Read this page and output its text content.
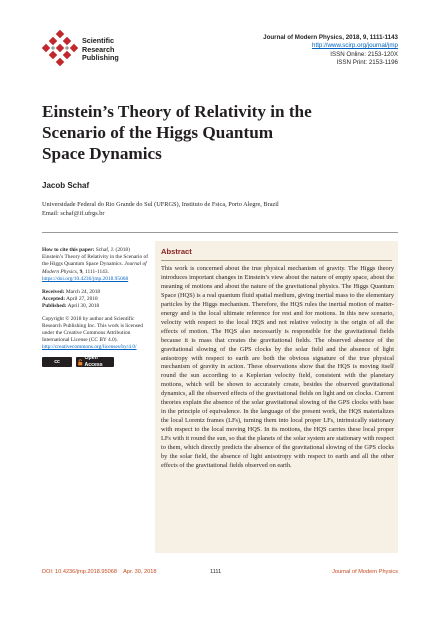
Scientific
Research
Publishing
Journal of Modern Physics, 2018, 9, 1111-1143
http://www.scirp.org/journal/jmp
ISSN Online: 2153-120X
ISSN Print: 2153-1196
Einstein’s Theory of Relativity in the
Scenario of the Higgs Quantum
Space Dynamics
Jacob Schaf
Universidade Federal do Rio Grande do Sul (UFRGS), Instituto de Fsica, Porto Alegre, Brazil
Email: schaf@if.ufrgs.br

How to cite this paper: Schaf, J. (2018) Einstein’s Theory of Relativity in the Scenario of the Higgs Quantum Space Dynamics. Journal of Modern Physics, 9, 1111-1143. https://doi.org/10.4236/jmp.2018.95068

Received: March 24, 2018
Accepted: April 27, 2018
Published: April 30, 2018

Copyright © 2018 by author and Scientific Research Publishing Inc. This work is licensed under the Creative Commons Attribution International License (CC BY 4.0).
http://creativecommons.org/licenses/by/4.0/

cc
Open Access
Abstract
This work is concerned about the true physical mechanism of gravity. The Higgs theory introduces important changes in Einstein’s view about the nature of empty space, about the meaning of motions and about the nature of the gravitational physics. The Higgs Quantum Space (HQS) is a real quantum fluid spatial medium, giving inertial mass to the elementary particles by the Higgs mechanism. Therefore, the HQS rules the inertial motion of matter-energy and is the local ultimate reference for rest and for motions. In this new scenario, velocity with respect to the local HQS and not relative velocity is the origin of all the effects of motion. The HQS also necessarily is responsible for the gravitational fields because it is mass that creates the gravitational fields. The observed absence of the gravitational slowing of the GPS clocks by the solar field and the absence of light anisotropy with respect to earth are both the obvious signature of the true physical mechanism of gravity in action. These observations show that the HQS is moving itself round the sun according to a Keplerian velocity field, consistent with the planetary motions, which will be shown to accurately create, besides the observed gravitational dynamics, all the observed effects of the gravitational fields on light and on clocks. Current theories explain the absence of the solar gravitational slowing of the GPS clocks with base in the principle of equivalence. In the language of the present work, the HQS materializes the local Lorentz frames (LFs), turning them into local proper LFs, intrinsically stationary with respect to the local moving HQS. In its motions, the HQS carries these local proper LFs with it round the sun, so that the planets of the solar system are stationary with respect to them, which directly predicts the absence of the gravitational slowing of the GPS clocks by the solar field, the absence of light anisotropy with respect to earth and all the other effects of the gravitational fields observed on earth.
DOI: 10.4236/jmp.2018.95068 Apr. 30, 2018	1111	Journal of Modern Physics
